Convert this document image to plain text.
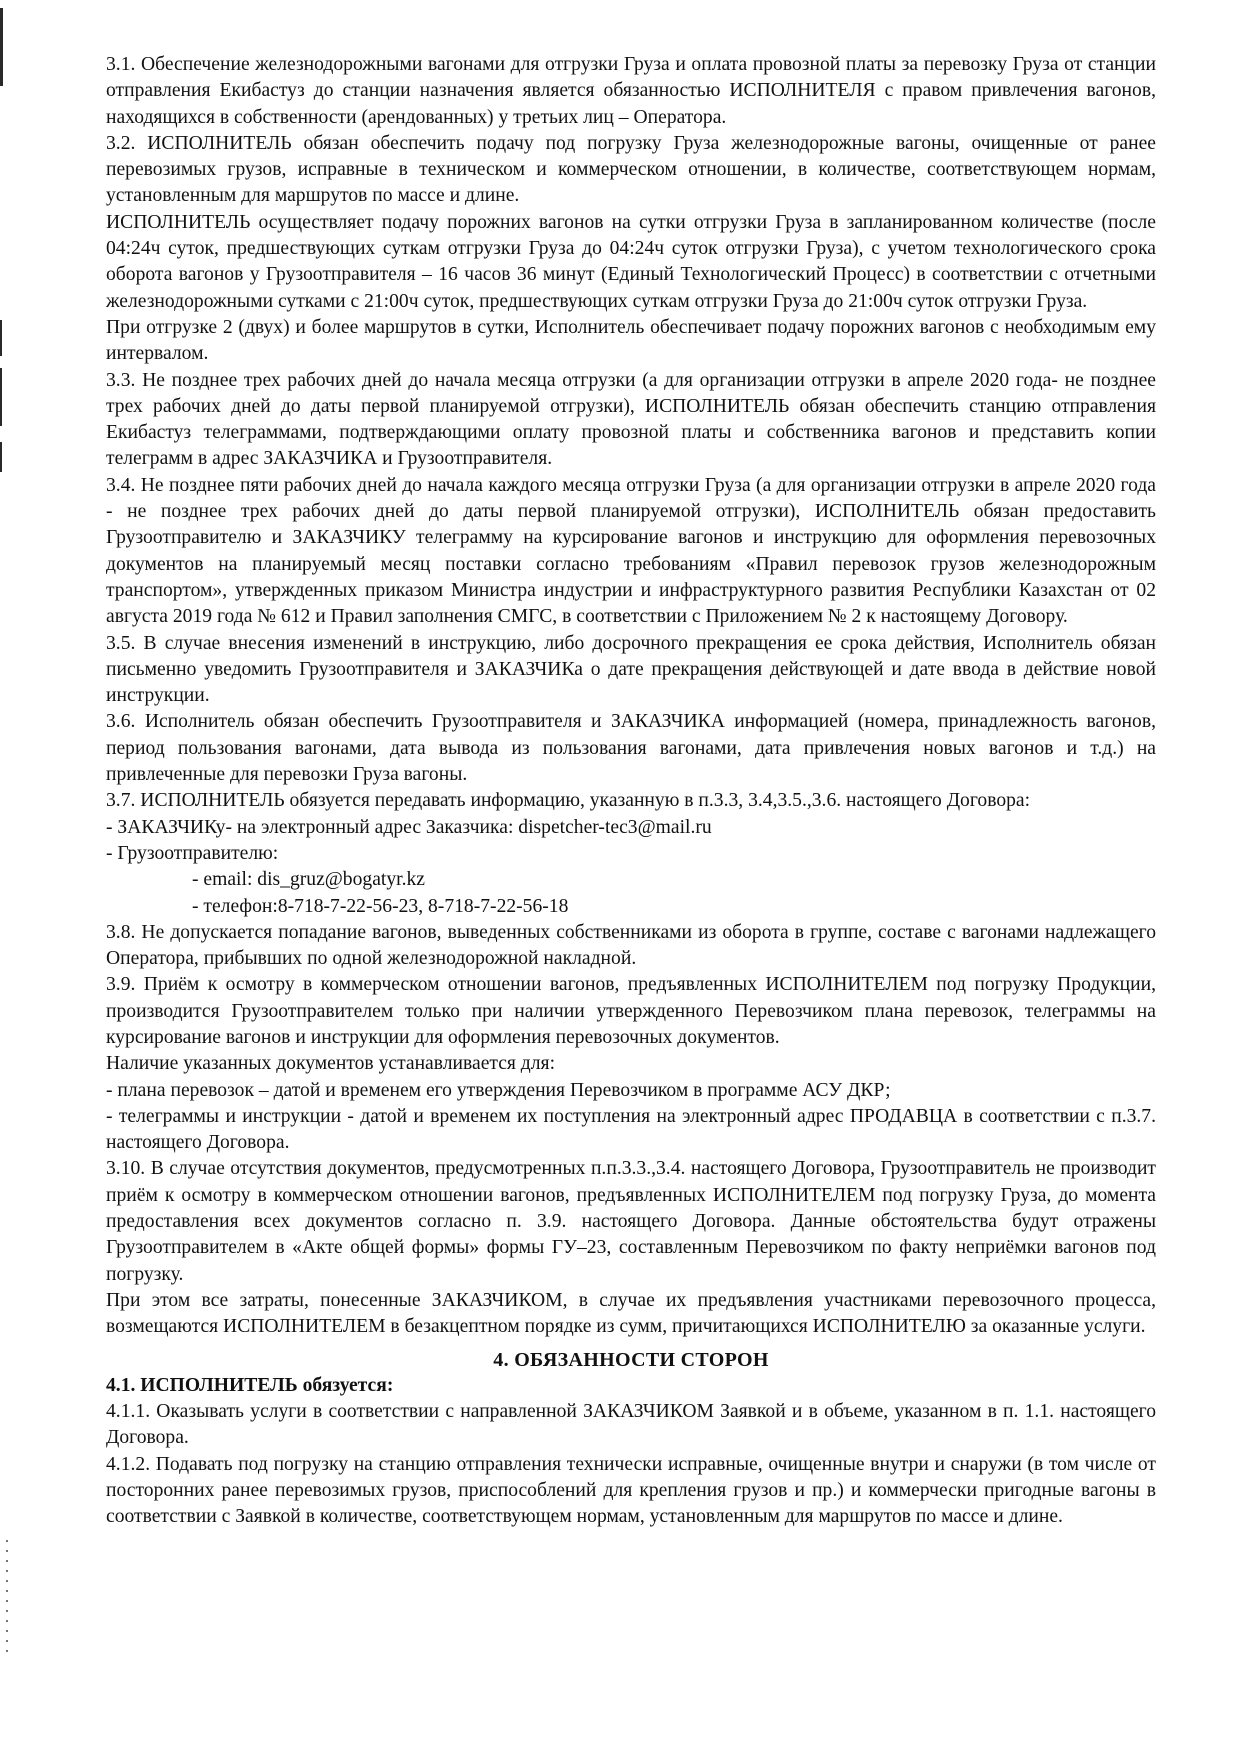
3.1. Обеспечение железнодорожными вагонами для отгрузки Груза и оплата провозной платы за перевозку Груза от станции отправления Екибастуз до станции назначения является обязанностью ИСПОЛНИТЕЛЯ с правом привлечения вагонов, находящихся в собственности (арендованных) у третьих лиц – Оператора.

3.2. ИСПОЛНИТЕЛЬ обязан обеспечить подачу под погрузку Груза железнодорожные вагоны, очищенные от ранее перевозимых грузов, исправные в техническом и коммерческом отношении, в количестве, соответствующем нормам, установленным для маршрутов по массе и длине.

ИСПОЛНИТЕЛЬ осуществляет подачу порожних вагонов на сутки отгрузки Груза в запланированном количестве (после 04:24ч суток, предшествующих суткам отгрузки Груза до 04:24ч суток отгрузки Груза), с учетом технологического срока оборота вагонов у Грузоотправителя – 16 часов 36 минут (Единый Технологический Процесс) в соответствии с отчетными железнодорожными сутками с 21:00ч суток, предшествующих суткам отгрузки Груза до 21:00ч суток отгрузки Груза.

При отгрузке 2 (двух) и более маршрутов в сутки, Исполнитель обеспечивает подачу порожних вагонов с необходимым ему интервалом.

3.3. Не позднее трех рабочих дней до начала месяца отгрузки (а для организации отгрузки в апреле 2020 года- не позднее трех рабочих дней до даты первой планируемой отгрузки), ИСПОЛНИТЕЛЬ обязан обеспечить станцию отправления Екибастуз телеграммами, подтверждающими оплату провозной платы и собственника вагонов и представить копии телеграмм в адрес ЗАКАЗЧИКА и Грузоотправителя.

3.4. Не позднее пяти рабочих дней до начала каждого месяца отгрузки Груза (а для организации отгрузки в апреле 2020 года - не позднее трех рабочих дней до даты первой планируемой отгрузки), ИСПОЛНИТЕЛЬ обязан предоставить Грузоотправителю и ЗАКАЗЧИКУ телеграмму на курсирование вагонов и инструкцию для оформления перевозочных документов на планируемый месяц поставки согласно требованиям «Правил перевозок грузов железнодорожным транспортом», утвержденных приказом Министра индустрии и инфраструктурного развития Республики Казахстан от 02 августа 2019 года № 612 и Правил заполнения СМГС, в соответствии с Приложением № 2 к настоящему Договору.

3.5. В случае внесения изменений в инструкцию, либо досрочного прекращения ее срока действия, Исполнитель обязан письменно уведомить Грузоотправителя и ЗАКАЗЧИКа о дате прекращения действующей и дате ввода в действие новой инструкции.

3.6. Исполнитель обязан обеспечить Грузоотправителя и ЗАКАЗЧИКА информацией (номера, принадлежность вагонов, период пользования вагонами, дата вывода из пользования вагонами, дата привлечения новых вагонов и т.д.) на привлеченные для перевозки Груза вагоны.

3.7. ИСПОЛНИТЕЛЬ обязуется передавать информацию, указанную в п.3.3, 3.4,3.5.,3.6. настоящего Договора:

- ЗАКАЗЧИКу- на электронный адрес Заказчика: dispetcher-tec3@mail.ru

- Грузоотправителю:

- email: dis_gruz@bogatyr.kz

- телефон:8-718-7-22-56-23, 8-718-7-22-56-18

3.8. Не допускается попадание вагонов, выведенных собственниками из оборота в группе, составе с вагонами надлежащего Оператора, прибывших по одной железнодорожной накладной.

3.9. Приём к осмотру в коммерческом отношении вагонов, предъявленных ИСПОЛНИТЕЛЕМ под погрузку Продукции, производится Грузоотправителем только при наличии утвержденного Перевозчиком плана перевозок, телеграммы на курсирование вагонов и инструкции для оформления перевозочных документов.

Наличие указанных документов устанавливается для:

- плана перевозок – датой и временем его утверждения Перевозчиком в программе АСУ ДКР;

- телеграммы и инструкции - датой и временем их поступления на электронный адрес ПРОДАВЦА в соответствии с п.3.7. настоящего Договора.

3.10. В случае отсутствия документов, предусмотренных п.п.3.3.,3.4. настоящего Договора, Грузоотправитель не производит приём к осмотру в коммерческом отношении вагонов, предъявленных ИСПОЛНИТЕЛЕМ под погрузку Груза, до момента предоставления всех документов согласно п. 3.9. настоящего Договора. Данные обстоятельства будут отражены Грузоотправителем в «Акте общей формы» формы ГУ–23, составленным Перевозчиком по факту неприёмки вагонов под погрузку.

При этом все затраты, понесенные ЗАКАЗЧИКОМ, в случае их предъявления участниками перевозочного процесса, возмещаются ИСПОЛНИТЕЛЕМ в безакцептном порядке из сумм, причитающихся ИСПОЛНИТЕЛЮ за оказанные услуги.

4. ОБЯЗАННОСТИ СТОРОН

4.1. ИСПОЛНИТЕЛЬ обязуется:

4.1.1. Оказывать услуги в соответствии с направленной ЗАКАЗЧИКОМ Заявкой и в объеме, указанном в п. 1.1. настоящего Договора.

4.1.2. Подавать под погрузку на станцию отправления технически исправные, очищенные внутри и снаружи (в том числе от посторонних ранее перевозимых грузов, приспособлений для крепления грузов и пр.) и коммерчески пригодные вагоны в соответствии с Заявкой в количестве, соответствующем нормам, установленным для маршрутов по массе и длине.
